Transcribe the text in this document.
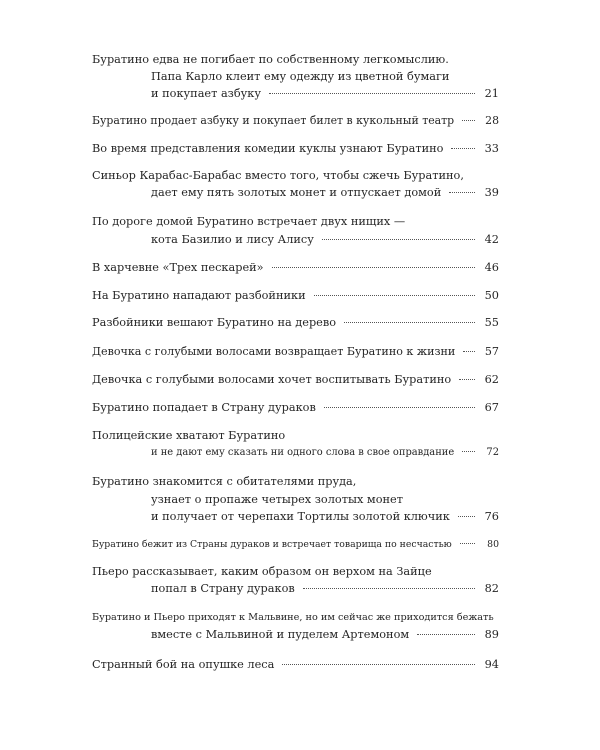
Буратино едва не погибает по собственному легкомыслию.
Папа Карло клеит ему одежду из цветной бумаги
и покупает азбуку	21
Буратино продает азбуку и покупает билет в кукольный театр	28
Во время представления комедии куклы узнают Буратино	33
Синьор Карабас-Барабас вместо того, чтобы сжечь Буратино,
дает ему пять золотых монет и отпускает домой	39
По дороге домой Буратино встречает двух нищих —
кота Базилио и лису Алису	42
В харчевне «Трех пескарей»	46
На Буратино нападают разбойники	50
Разбойники вешают Буратино на дерево	55
Девочка с голубыми волосами возвращает Буратино к жизни	57
Девочка с голубыми волосами хочет воспитывать Буратино	62
Буратино попадает в Страну дураков	67
Полицейские хватают Буратино
и не дают ему сказать ни одного слова в свое оправдание	72
Буратино знакомится с обитателями пруда,
узнает о пропаже четырех золотых монет
и получает от черепахи Тортилы золотой ключик	76
Буратино бежит из Страны дураков и встречает товарища по несчастью	80
Пьеро рассказывает, каким образом он верхом на Зайце
попал в Страну дураков	82
Буратино и Пьеро приходят к Мальвине, но им сейчас же приходится бежать
вместе с Мальвиной и пуделем Артемоном	89
Странный бой на опушке леса	94
